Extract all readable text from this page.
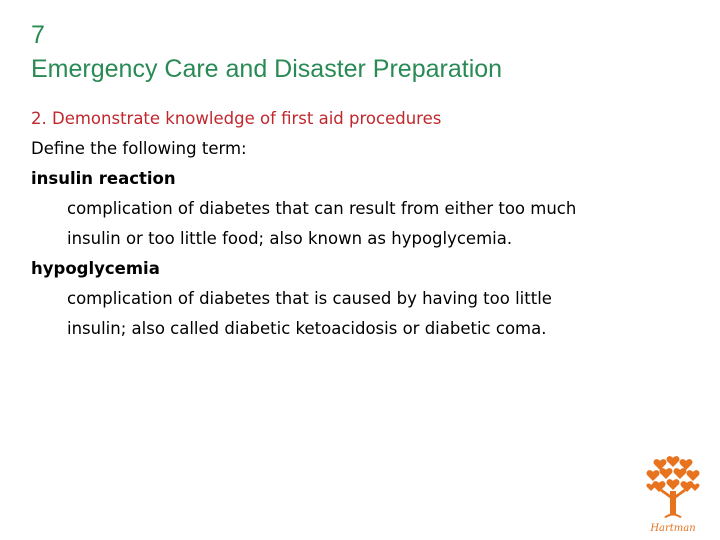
7
Emergency Care and Disaster Preparation
2. Demonstrate knowledge of first aid procedures
Define the following term:
insulin reaction
complication of diabetes that can result from either too much
insulin or too little food; also known as hypoglycemia.
hypoglycemia
complication of diabetes that is caused by having too little
insulin; also called diabetic ketoacidosis or diabetic coma.
Hartman
